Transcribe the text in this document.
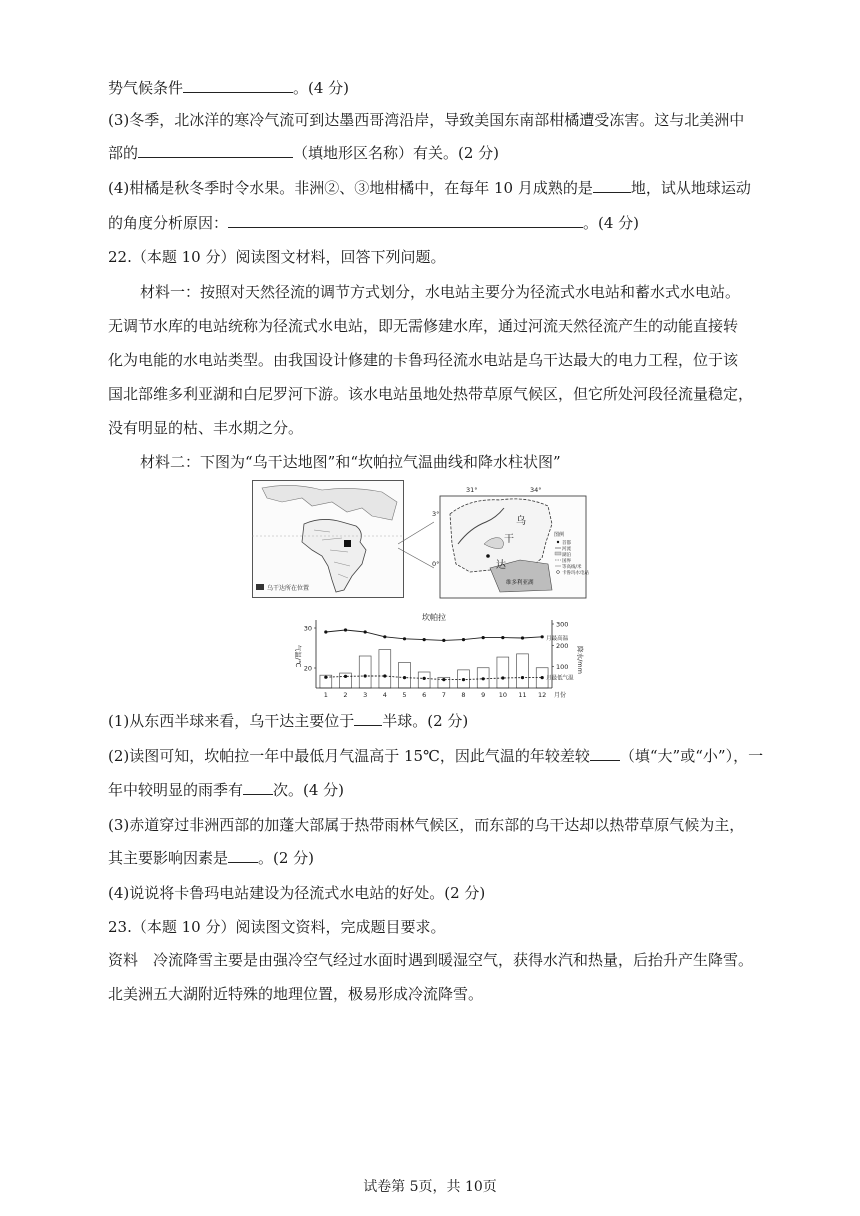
势气候条件	。(4 分)
(3)冬季，北冰洋的寒冷气流可到达墨西哥湾沿岸，导致美国东南部柑橘遭受冻害。这与北美洲中
部的	（填地形区名称）有关。(2 分)
(4)柑橘是秋冬季时令水果。非洲②、③地柑橘中，在每年 10 月成熟的是	地，试从地球运动
的角度分析原因：	。(4 分)
22.（本题 10 分）阅读图文材料，回答下列问题。
材料一：按照对天然径流的调节方式划分，水电站主要分为径流式水电站和蓄水式水电站。
无调节水库的电站统称为径流式水电站，即无需修建水库，通过河流天然径流产生的动能直接转
化为电能的水电站类型。由我国设计修建的卡鲁玛径流水电站是乌干达最大的电力工程，位于该
国北部维多利亚湖和白尼罗河下游。该水电站虽地处热带草原气候区，但它所处河段径流量稳定，
没有明显的枯、丰水期之分。
材料二：下图为“乌干达地图”和“坎帕拉气温曲线和降水柱状图”
乌干达所在位置
31°	34°
3°
0°
维多利亚湖
乌
干
达
图例
首都
河流
湖泊
国界
等高线/米
卡鲁玛水电站
坎帕拉
20
30
100
200
300
气温/℃	降水/mm
月最高温
月最低气温
1 2 3 4 5 6 7 8 9 10 11 12 月份
(1)从东西半球来看，乌干达主要位于 半球。(2 分)
(2)读图可知，坎帕拉一年中最低月气温高于 15℃，因此气温的年较差较 （填“大”或“小”），一
年中较明显的雨季有 次。(4 分)
(3)赤道穿过非洲西部的加蓬大部属于热带雨林气候区，而东部的乌干达却以热带草原气候为主，
其主要影响因素是 。(2 分)
(4)说说将卡鲁玛电站建设为径流式水电站的好处。(2 分)
23.（本题 10 分）阅读图文资料，完成题目要求。
资料　冷流降雪主要是由强冷空气经过水面时遇到暖湿空气，获得水汽和热量，后抬升产生降雪。
北美洲五大湖附近特殊的地理位置，极易形成冷流降雪。
试卷第 5页，共 10页
